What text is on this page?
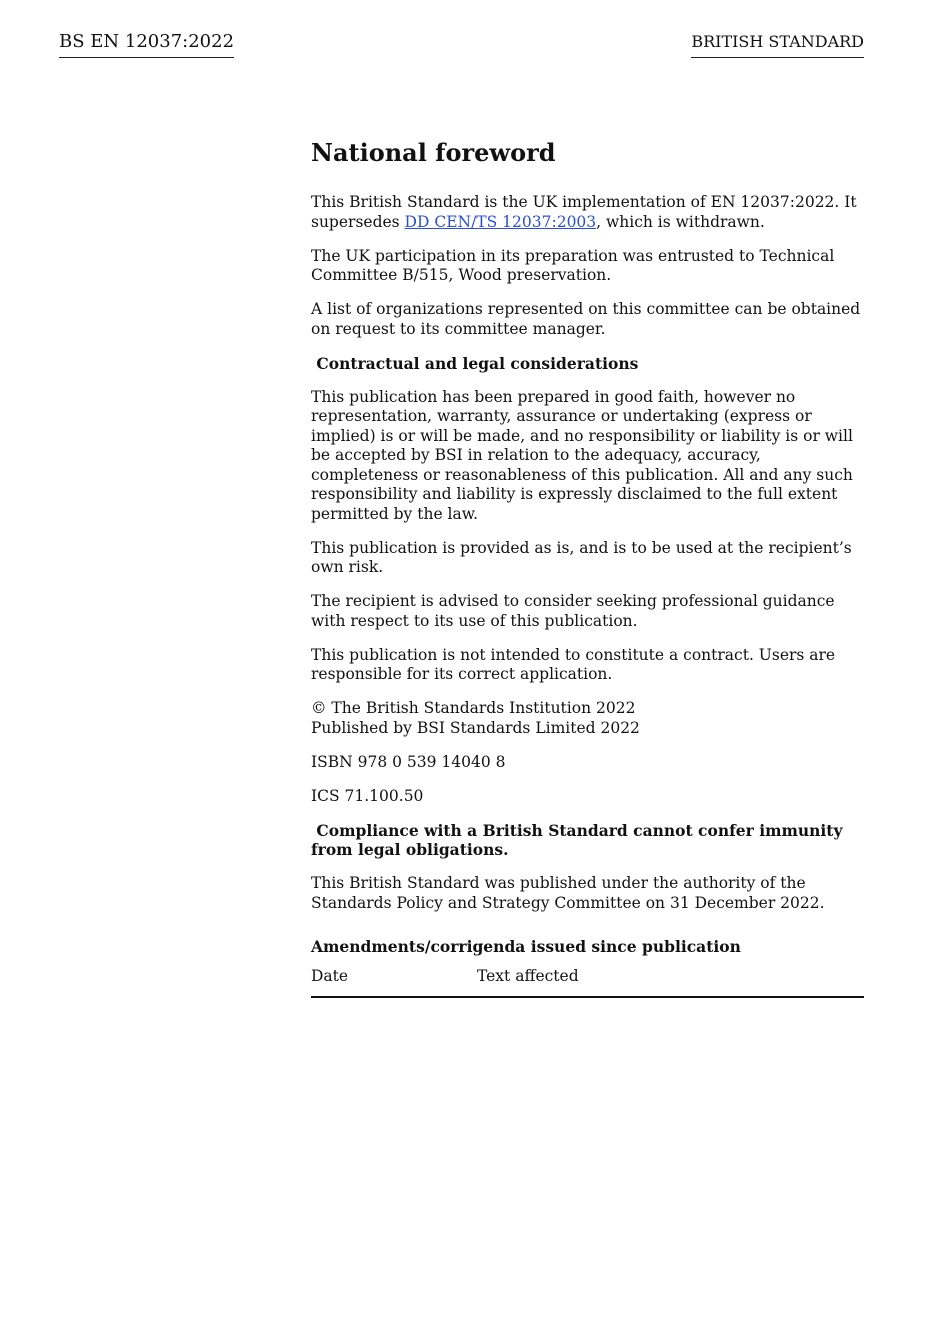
BS EN 12037:2022	BRITISH STANDARD
National foreword

This British Standard is the UK implementation of EN 12037:2022. It supersedes DD CEN/TS 12037:2003, which is withdrawn.

The UK participation in its preparation was entrusted to Technical Committee B/515, Wood preservation.

A list of organizations represented on this committee can be obtained on request to its committee manager.

Contractual and legal considerations

This publication has been prepared in good faith, however no representation, warranty, assurance or undertaking (express or implied) is or will be made, and no responsibility or liability is or will be accepted by BSI in relation to the adequacy, accuracy, completeness or reasonableness of this publication. All and any such responsibility and liability is expressly disclaimed to the full extent permitted by the law.

This publication is provided as is, and is to be used at the recipient’s own risk.

The recipient is advised to consider seeking professional guidance with respect to its use of this publication.

This publication is not intended to constitute a contract. Users are responsible for its correct application.

© The British Standards Institution 2022
Published by BSI Standards Limited 2022

ISBN 978 0 539 14040 8

ICS 71.100.50

Compliance with a British Standard cannot confer immunity from legal obligations.

This British Standard was published under the authority of the Standards Policy and Strategy Committee on 31 December 2022.

Amendments/corrigenda issued since publication
Date	Text affected
